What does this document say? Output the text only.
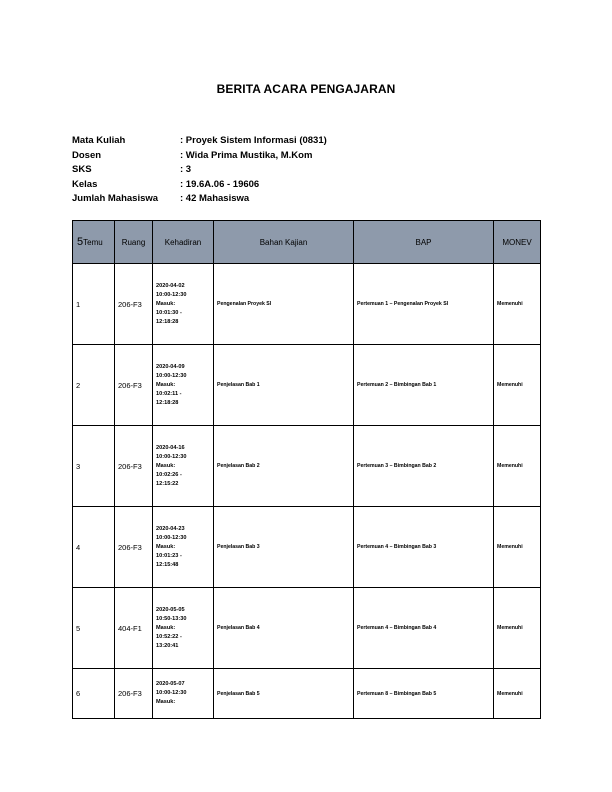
BERITA ACARA PENGAJARAN
Mata Kuliah	: Proyek Sistem Informasi (0831)
Dosen	: Wida Prima Mustika, M.Kom
SKS	: 3
Kelas	: 19.6A.06 - 19606
Jumlah Mahasiswa	: 42 Mahasiswa
5Temu	Ruang	Kehadiran	Bahan Kajian	BAP	MONEV
1	206-F3	2020-04-02
10:00-12:30
Masuk:
10:01:30 -
12:18:28	Pengenalan Proyek SI	Pertemuan 1 – Pengenalan Proyek SI	Memenuhi
2	206-F3	2020-04-09
10:00-12:30
Masuk:
10:02:11 -
12:18:28	Penjelasan Bab 1	Pertemuan 2 – Bimbingan Bab 1	Memenuhi
3	206-F3	2020-04-16
10:00-12:30
Masuk:
10:02:26 -
12:15:22	Penjelasan Bab 2	Pertemuan 3 – Bimbingan Bab 2	Memenuhi
4	206-F3	2020-04-23
10:00-12:30
Masuk:
10:01:23 -
12:15:48	Penjelasan Bab 3	Pertemuan 4 – Bimbingan Bab 3	Memenuhi
5	404-F1	2020-05-05
10:50-13:30
Masuk:
10:52:22 -
13:20:41	Penjelasan Bab 4	Pertemuan 4 – Bimbingan Bab 4	Memenuhi
6	206-F3	2020-05-07
10:00-12:30
Masuk:	Penjelasan Bab 5	Pertemuan 8 – Bimbingan Bab 5	Memenuhi
